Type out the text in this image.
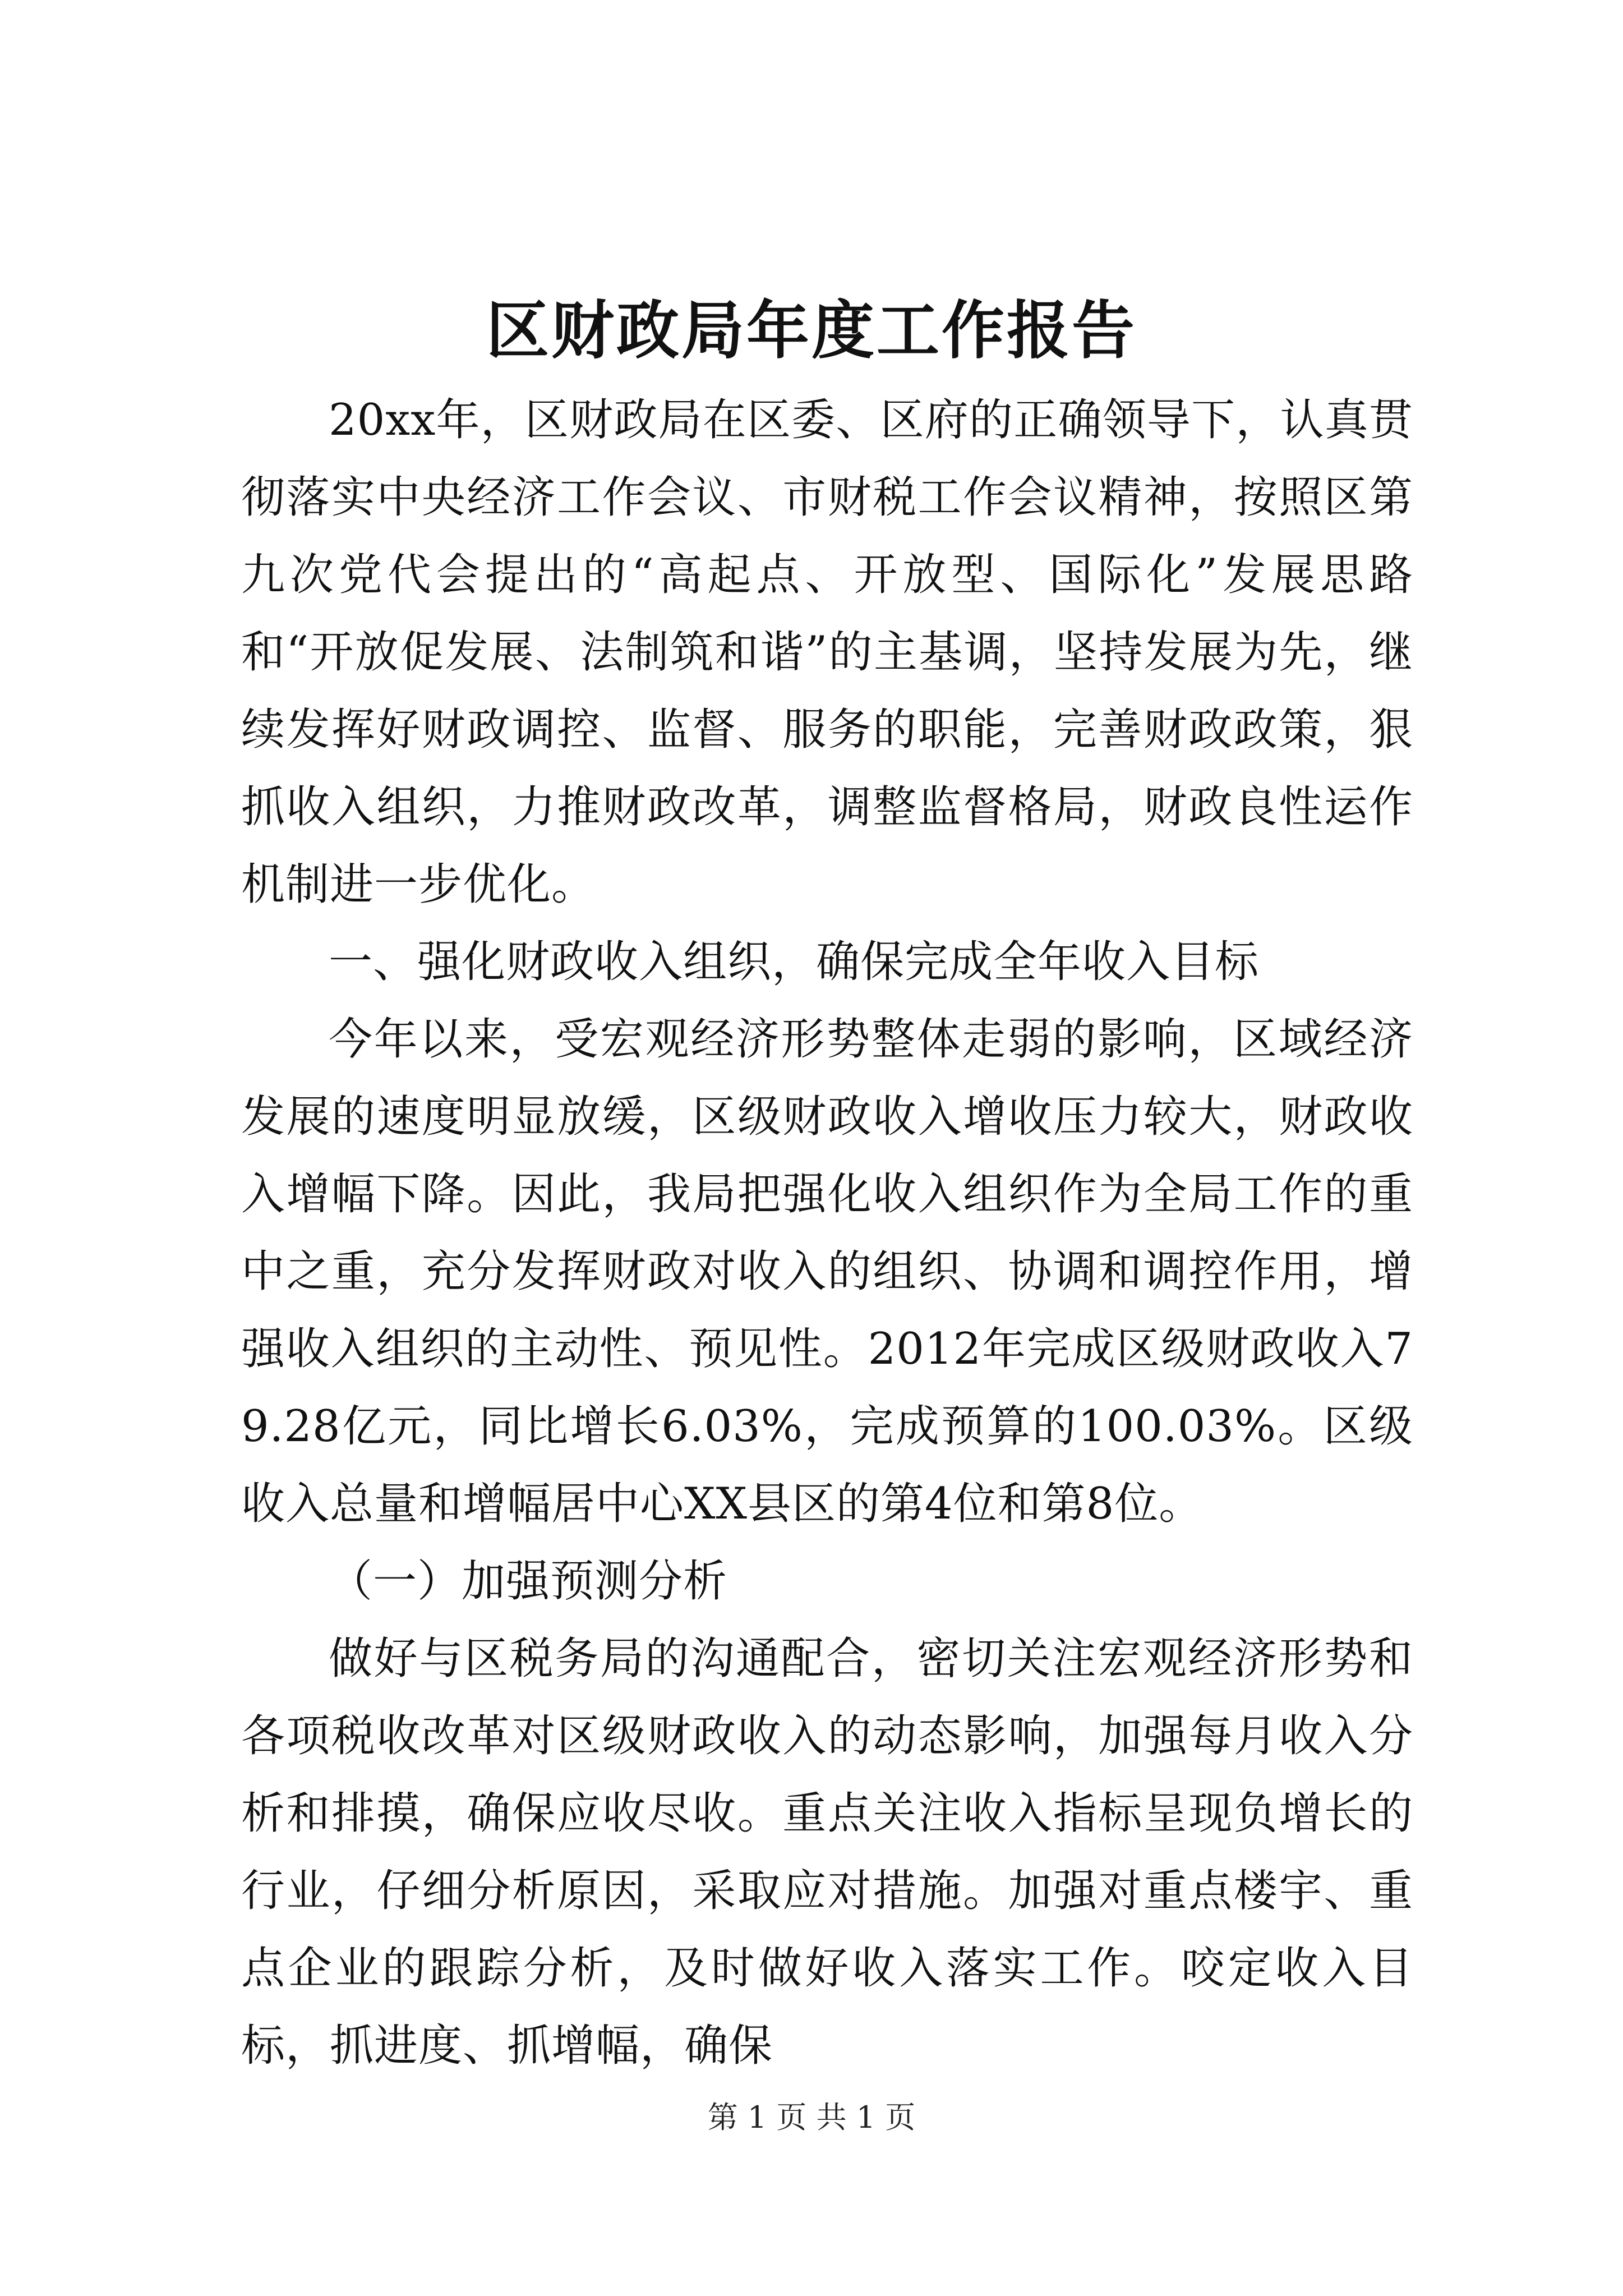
区财政局年度工作报告

20xx年，区财政局在区委、区府的正确领导下，认真贯彻落实中央经济工作会议、市财税工作会议精神，按照区第九次党代会提出的“高起点、开放型、国际化”发展思路和“开放促发展、法制筑和谐”的主基调，坚持发展为先，继续发挥好财政调控、监督、服务的职能，完善财政政策，狠抓收入组织，力推财政改革，调整监督格局，财政良性运作机制进一步优化。

一、强化财政收入组织，确保完成全年收入目标

今年以来，受宏观经济形势整体走弱的影响，区域经济发展的速度明显放缓，区级财政收入增收压力较大，财政收入增幅下降。因此，我局把强化收入组织作为全局工作的重中之重，充分发挥财政对收入的组织、协调和调控作用，增强收入组织的主动性、预见性。2012年完成区级财政收入79.28亿元，同比增长6.03%，完成预算的100.03%。区级收入总量和增幅居中心XX县区的第4位和第8位。

（一）加强预测分析

做好与区税务局的沟通配合，密切关注宏观经济形势和各项税收改革对区级财政收入的动态影响，加强每月收入分析和排摸，确保应收尽收。重点关注收入指标呈现负增长的行业，仔细分析原因，采取应对措施。加强对重点楼宇、重点企业的跟踪分析，及时做好收入落实工作。咬定收入目标，抓进度、抓增幅，确保

第 1 页 共 1 页
